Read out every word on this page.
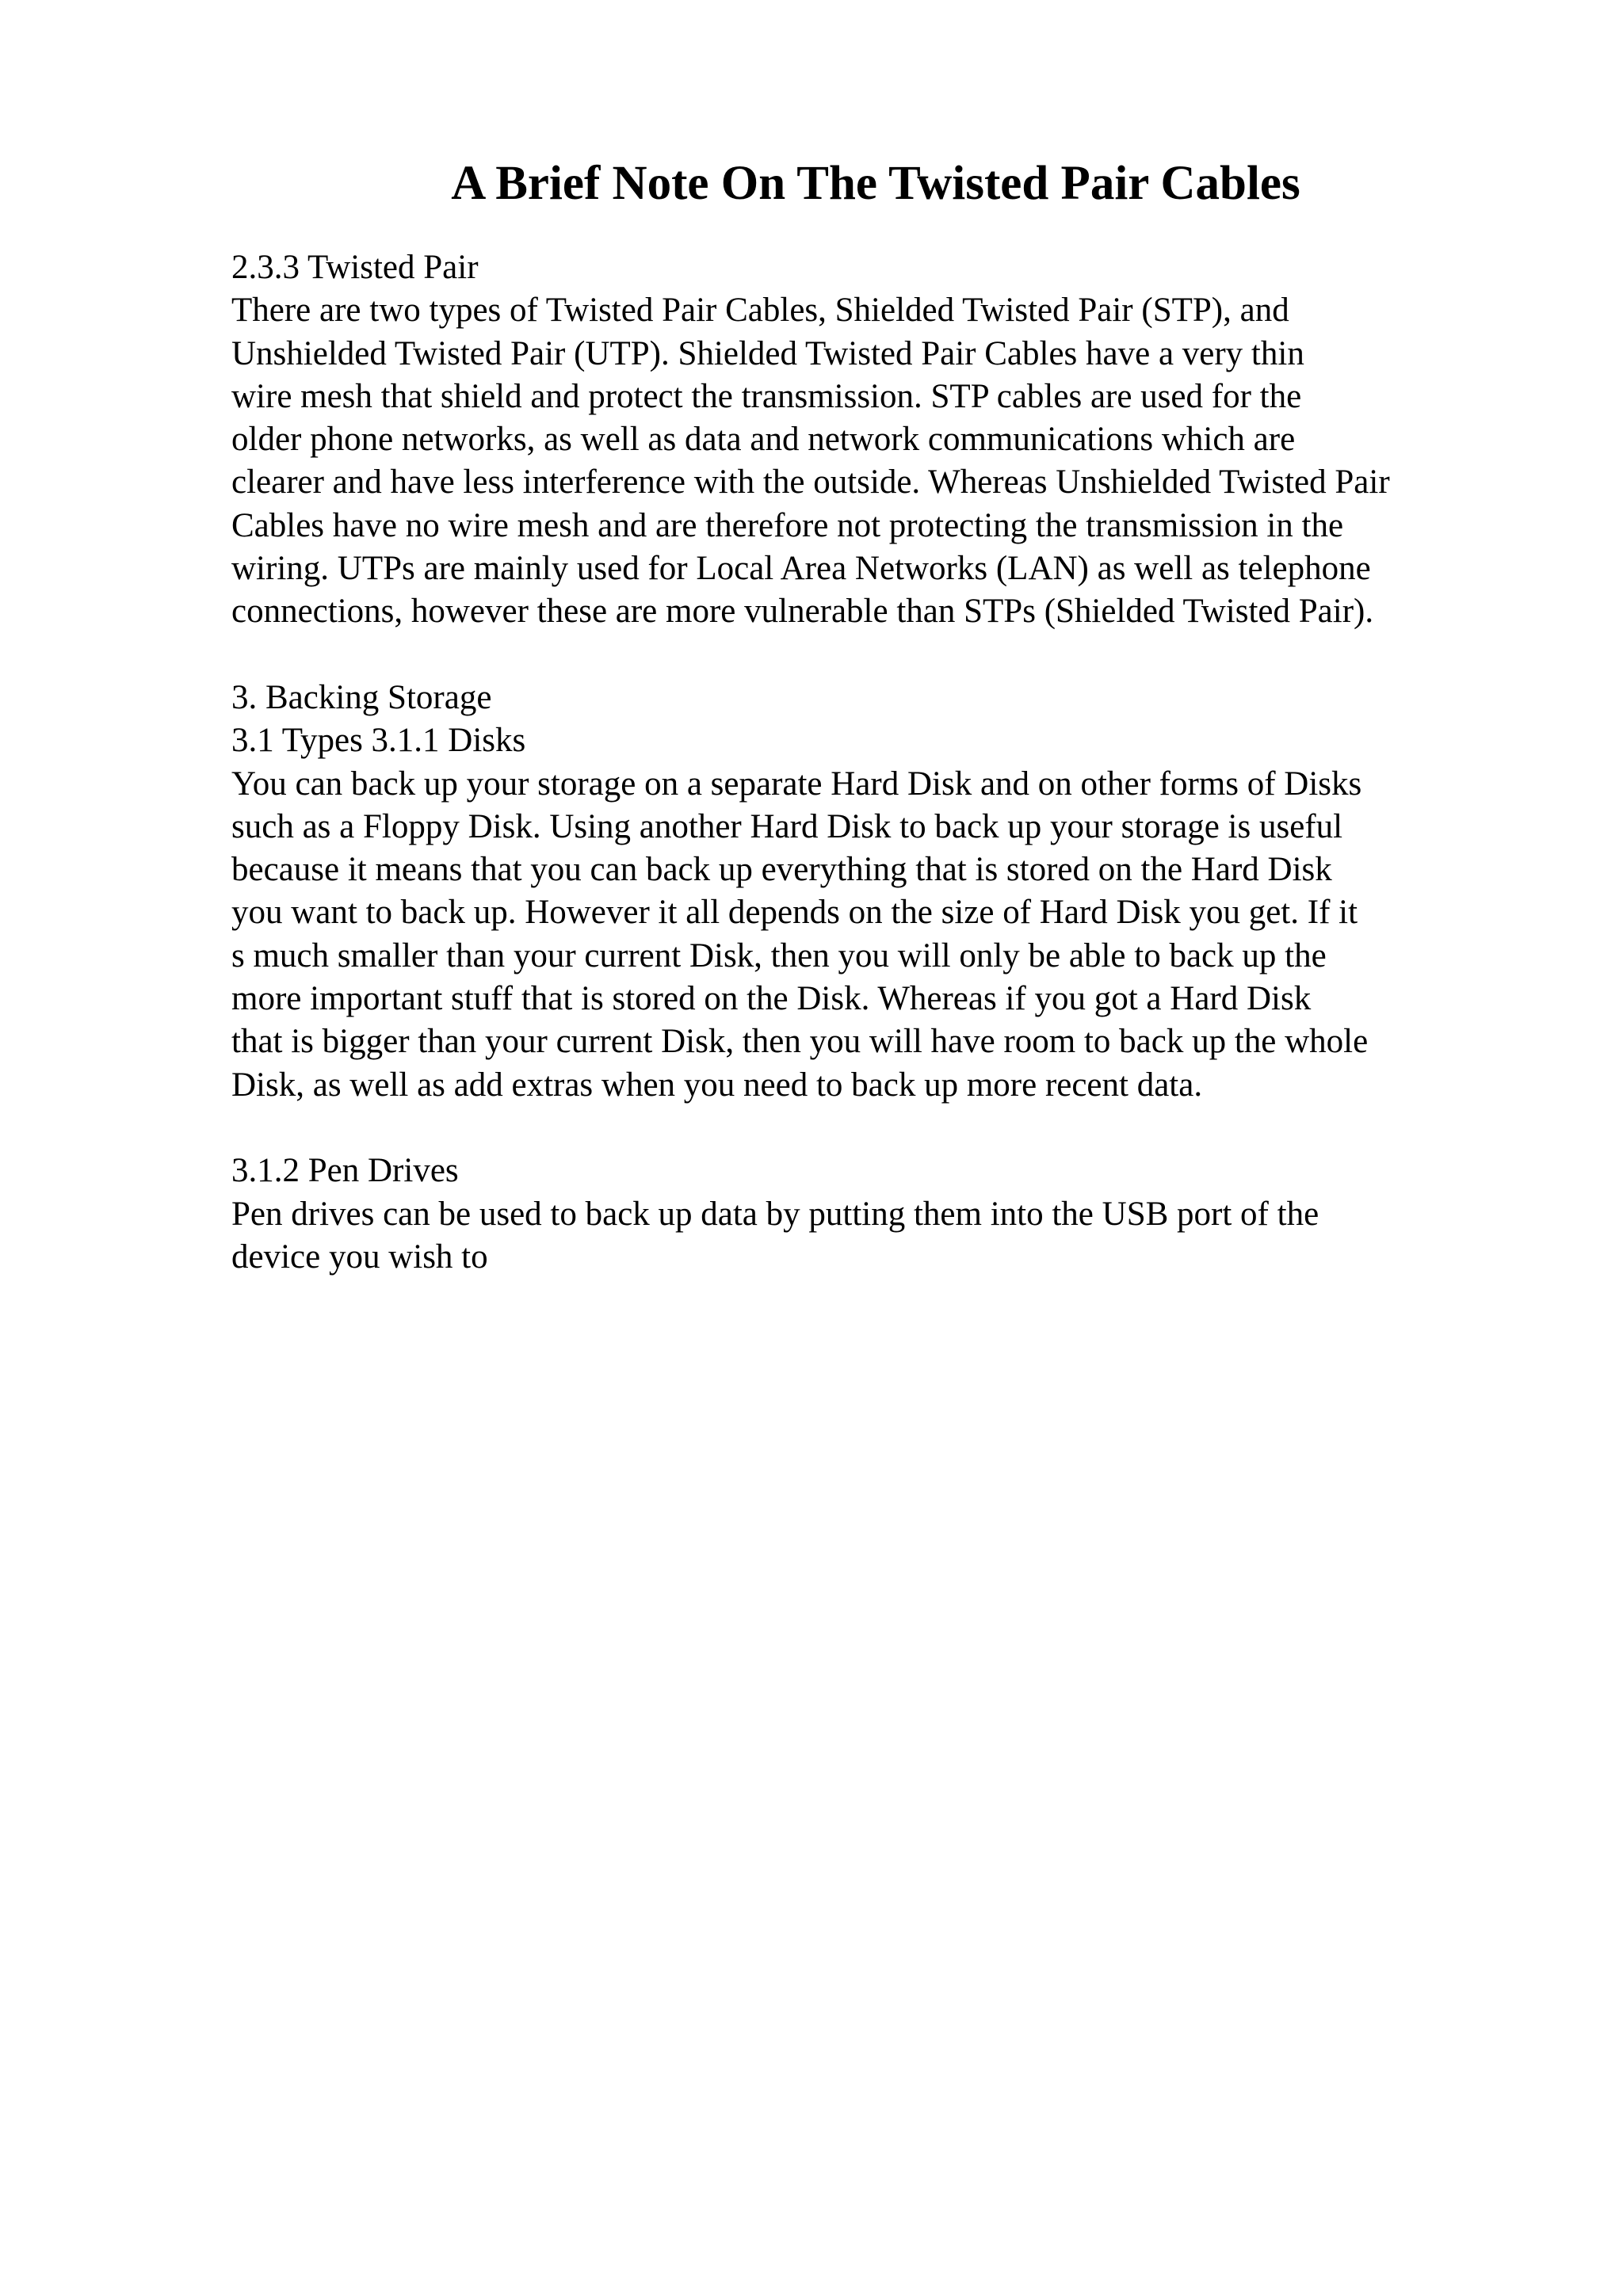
A Brief Note On The Twisted Pair Cables
2.3.3 Twisted Pair
There are two types of Twisted Pair Cables, Shielded Twisted Pair (STP), and
Unshielded Twisted Pair (UTP). Shielded Twisted Pair Cables have a very thin
wire mesh that shield and protect the transmission. STP cables are used for the
older phone networks, as well as data and network communications which are
clearer and have less interference with the outside. Whereas Unshielded Twisted Pair
Cables have no wire mesh and are therefore not protecting the transmission in the
wiring. UTPs are mainly used for Local Area Networks (LAN) as well as telephone
connections, however these are more vulnerable than STPs (Shielded Twisted Pair).
3. Backing Storage
3.1 Types 3.1.1 Disks
You can back up your storage on a separate Hard Disk and on other forms of Disks
such as a Floppy Disk. Using another Hard Disk to back up your storage is useful
because it means that you can back up everything that is stored on the Hard Disk
you want to back up. However it all depends on the size of Hard Disk you get. If it
s much smaller than your current Disk, then you will only be able to back up the
more important stuff that is stored on the Disk. Whereas if you got a Hard Disk
that is bigger than your current Disk, then you will have room to back up the whole
Disk, as well as add extras when you need to back up more recent data.
3.1.2 Pen Drives
Pen drives can be used to back up data by putting them into the USB port of the
device you wish to
